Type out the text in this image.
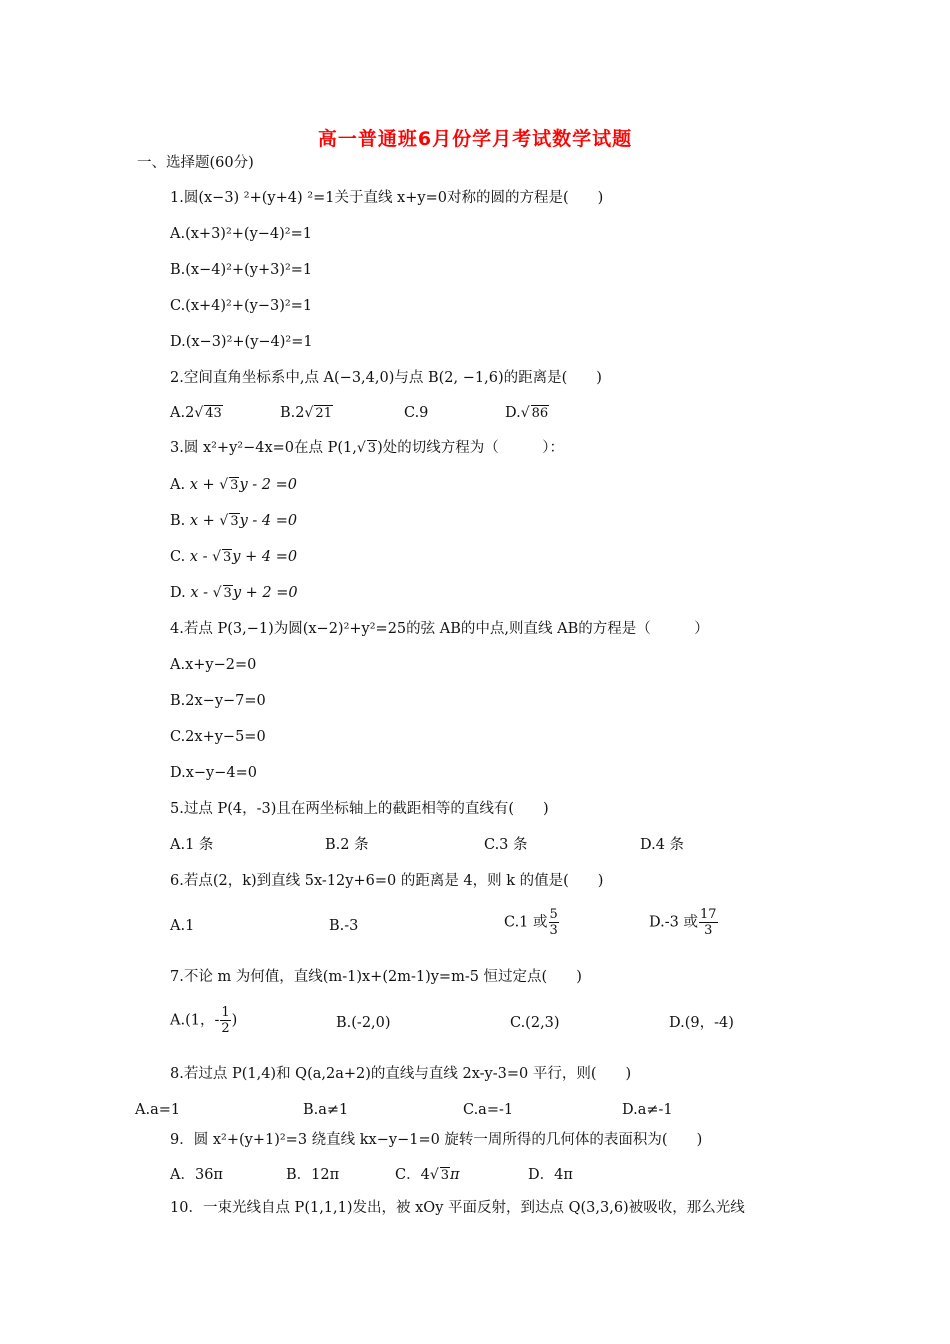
高一普通班6月份学月考试数学试题
一、选择题(60分)
1.圆(x−3) ²+(y+4) ²=1关于直线 x+y=0对称的圆的方程是(　　)
A.(x+3)²+(y−4)²=1
B.(x−4)²+(y+3)²=1
C.(x+4)²+(y−3)²=1
D.(x−3)²+(y−4)²=1
2.空间直角坐标系中,点 A(−3,4,0)与点 B(2, −1,6)的距离是(　　)
A.2√ 43	B.2√ 21	C.9	D.√ 86
3.圆 x²+y²−4x=0在点 P(1,√ 3)处的切线方程为（　　　）：
A. x + √ 3y - 2 =0
B. x + √ 3y - 4 =0
C. x - √ 3y + 4 =0
D. x - √ 3y + 2 =0
4.若点 P(3,−1)为圆(x−2)²+y²=25的弦 AB的中点,则直线 AB的方程是（　　　）
A.x+y−2=0
B.2x−y−7=0
C.2x+y−5=0
D.x−y−4=0
5.过点 P(4，-3)且在两坐标轴上的截距相等的直线有(　　)
A.1 条	B.2 条	C.3 条	D.4 条
6.若点(2，k)到直线 5x-12y+6=0 的距离是 4，则 k 的值是(　　)
A.1	B.-3	C.1 或 $\frac{5}{3}$	D.-3 或 $\frac{17}{3}$
7.不论 m 为何值，直线(m-1)x+(2m-1)y=m-5 恒过定点(　　)
A.(1，- $\frac{1}{2}$ )	B.(-2,0)	C.(2,3)	D.(9，-4)
8.若过点 P(1,4)和 Q(a,2a+2)的直线与直线 2x-y-3=0 平行，则(　　)
A.a=1	B.a≠1	C.a=-1	D.a≠-1
9．圆 x²+(y+1)²=3 绕直线 kx−y−1=0 旋转一周所得的几何体的表面积为(　　)
A．36π	B．12π	C．4√ 3π	D．4π
10．一束光线自点 P(1,1,1)发出，被 xOy 平面反射，到达点 Q(3,3,6)被吸收，那么光线
